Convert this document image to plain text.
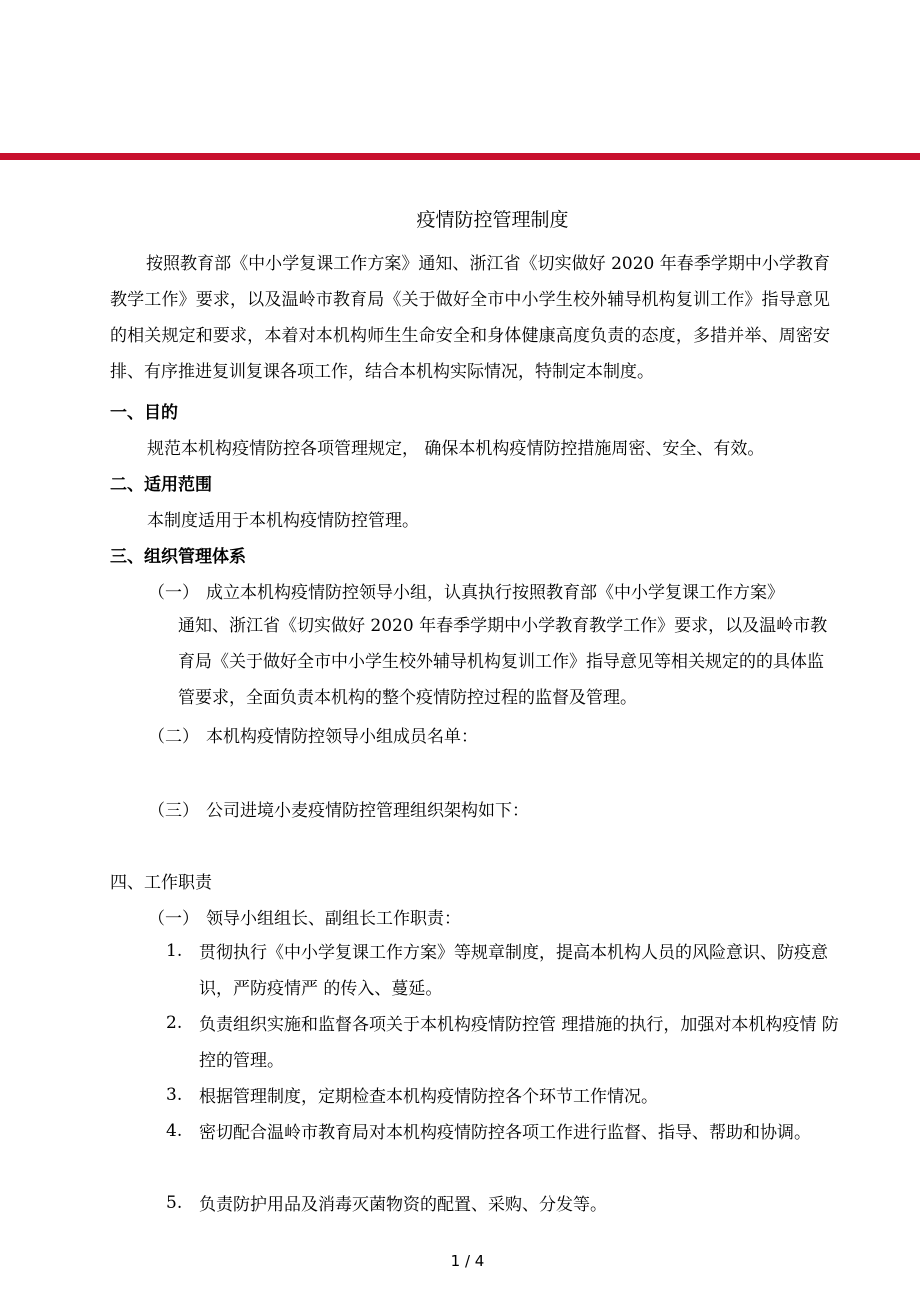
疫情防控管理制度
按照教育部《中小学复课工作方案》通知、浙江省《切实做好 2020 年春季学期中小学教育教学工作》要求，以及温岭市教育局《关于做好全市中小学生校外辅导机构复训工作》指导意见的相关规定和要求，本着对本机构师生生命安全和身体健康高度负责的态度，多措并举、周密安排、有序推进复训复课各项工作，结合本机构实际情况，特制定本制度。
一、目的
规范本机构疫情防控各项管理规定， 确保本机构疫情防控措施周密、安全、有效。
二、适用范围
本制度适用于本机构疫情防控管理。
三、组织管理体系
（一） 成立本机构疫情防控领导小组，认真执行按照教育部《中小学复课工作方案》
通知、浙江省《切实做好 2020 年春季学期中小学教育教学工作》要求，以及温岭市教育局《关于做好全市中小学生校外辅导机构复训工作》指导意见等相关规定的的具体监管要求，全面负责本机构的整个疫情防控过程的监督及管理。
（二） 本机构疫情防控领导小组成员名单：
（三） 公司进境小麦疫情防控管理组织架构如下：
四、工作职责
（一） 领导小组组长、副组长工作职责：
1. 贯彻执行《中小学复课工作方案》等规章制度，提高本机构人员的风险意识、防疫意识，严防疫情严 的传入、蔓延。
2. 负责组织实施和监督各项关于本机构疫情防控管 理措施的执行，加强对本机构疫情 防控的管理。
3. 根据管理制度，定期检查本机构疫情防控各个环节工作情况。
4. 密切配合温岭市教育局对本机构疫情防控各项工作进行监督、指导、帮助和协调。
5. 负责防护用品及消毒灭菌物资的配置、采购、分发等。
1 / 4
